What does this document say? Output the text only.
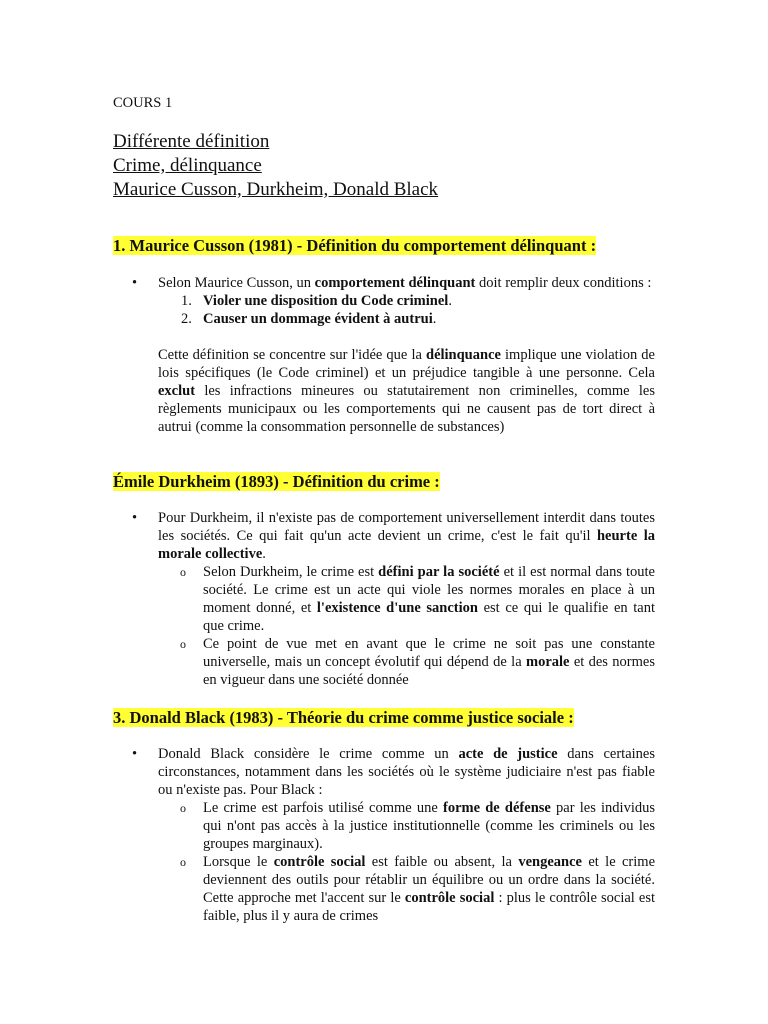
COURS 1
Différente définition
Crime, délinquance
Maurice Cusson, Durkheim, Donald Black
1. Maurice Cusson (1981) - Définition du comportement délinquant :
• Selon Maurice Cusson, un comportement délinquant doit remplir deux conditions :
1. Violer une disposition du Code criminel.
2. Causer un dommage évident à autrui.
Cette définition se concentre sur l'idée que la délinquance implique une violation de lois spécifiques (le Code criminel) et un préjudice tangible à une personne. Cela exclut les infractions mineures ou statutairement non criminelles, comme les règlements municipaux ou les comportements qui ne causent pas de tort direct à autrui (comme la consommation personnelle de substances)
Émile Durkheim (1893) - Définition du crime :
• Pour Durkheim, il n'existe pas de comportement universellement interdit dans toutes les sociétés. Ce qui fait qu'un acte devient un crime, c'est le fait qu'il heurte la morale collective.
o Selon Durkheim, le crime est défini par la société et il est normal dans toute société. Le crime est un acte qui viole les normes morales en place à un moment donné, et l'existence d'une sanction est ce qui le qualifie en tant que crime.
o Ce point de vue met en avant que le crime ne soit pas une constante universelle, mais un concept évolutif qui dépend de la morale et des normes en vigueur dans une société donnée
3. Donald Black (1983) - Théorie du crime comme justice sociale :
• Donald Black considère le crime comme un acte de justice dans certaines circonstances, notamment dans les sociétés où le système judiciaire n'est pas fiable ou n'existe pas. Pour Black :
o Le crime est parfois utilisé comme une forme de défense par les individus qui n'ont pas accès à la justice institutionnelle (comme les criminels ou les groupes marginaux).
o Lorsque le contrôle social est faible ou absent, la vengeance et le crime deviennent des outils pour rétablir un équilibre ou un ordre dans la société. Cette approche met l'accent sur le contrôle social : plus le contrôle social est faible, plus il y aura de crimes
